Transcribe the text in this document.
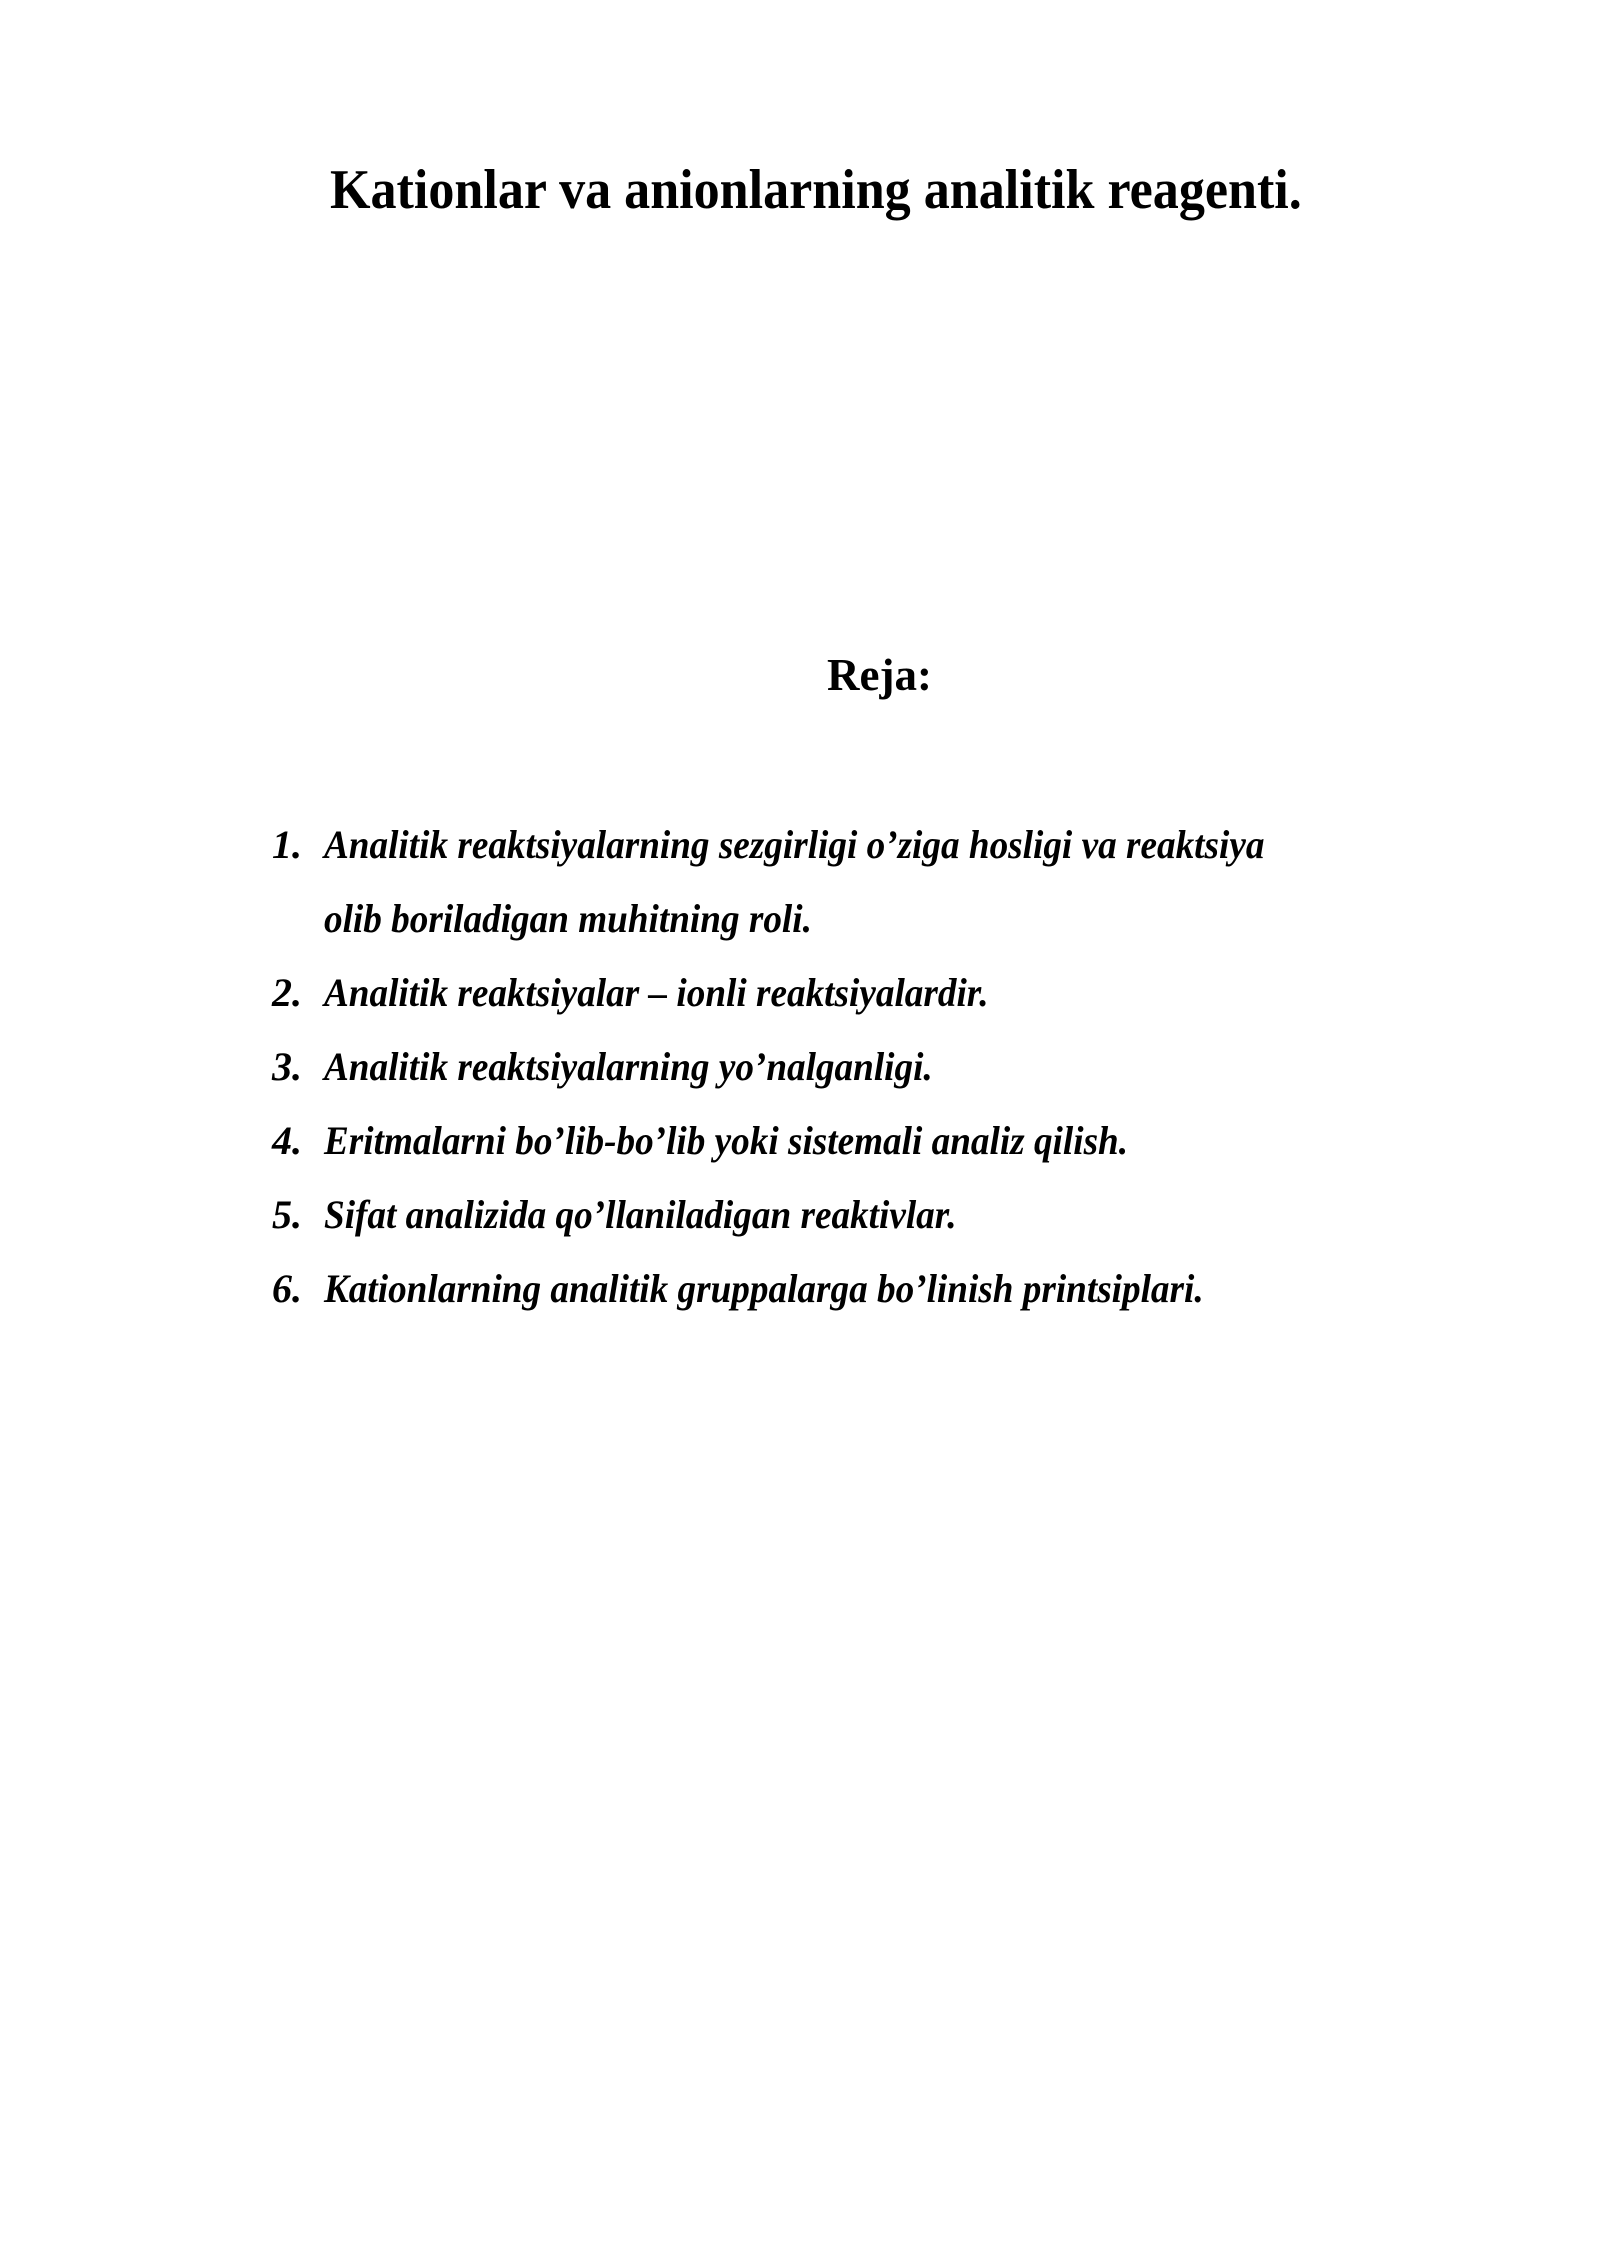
Kationlar va anionlarning analitik reagenti.
Reja:
1. Analitik reaktsiyalarning sezgirligi o’ziga hosligi va reaktsiya
olib boriladigan muhitning roli.
2. Analitik reaktsiyalar – ionli reaktsiyalardir.
3. Analitik reaktsiyalarning yo’nalganligi.
4. Eritmalarni bo’lib-bo’lib yoki sistemali analiz qilish.
5. Sifat analizida qo’llaniladigan reaktivlar.
6. Kationlarning analitik gruppalarga bo’linish printsiplari.
